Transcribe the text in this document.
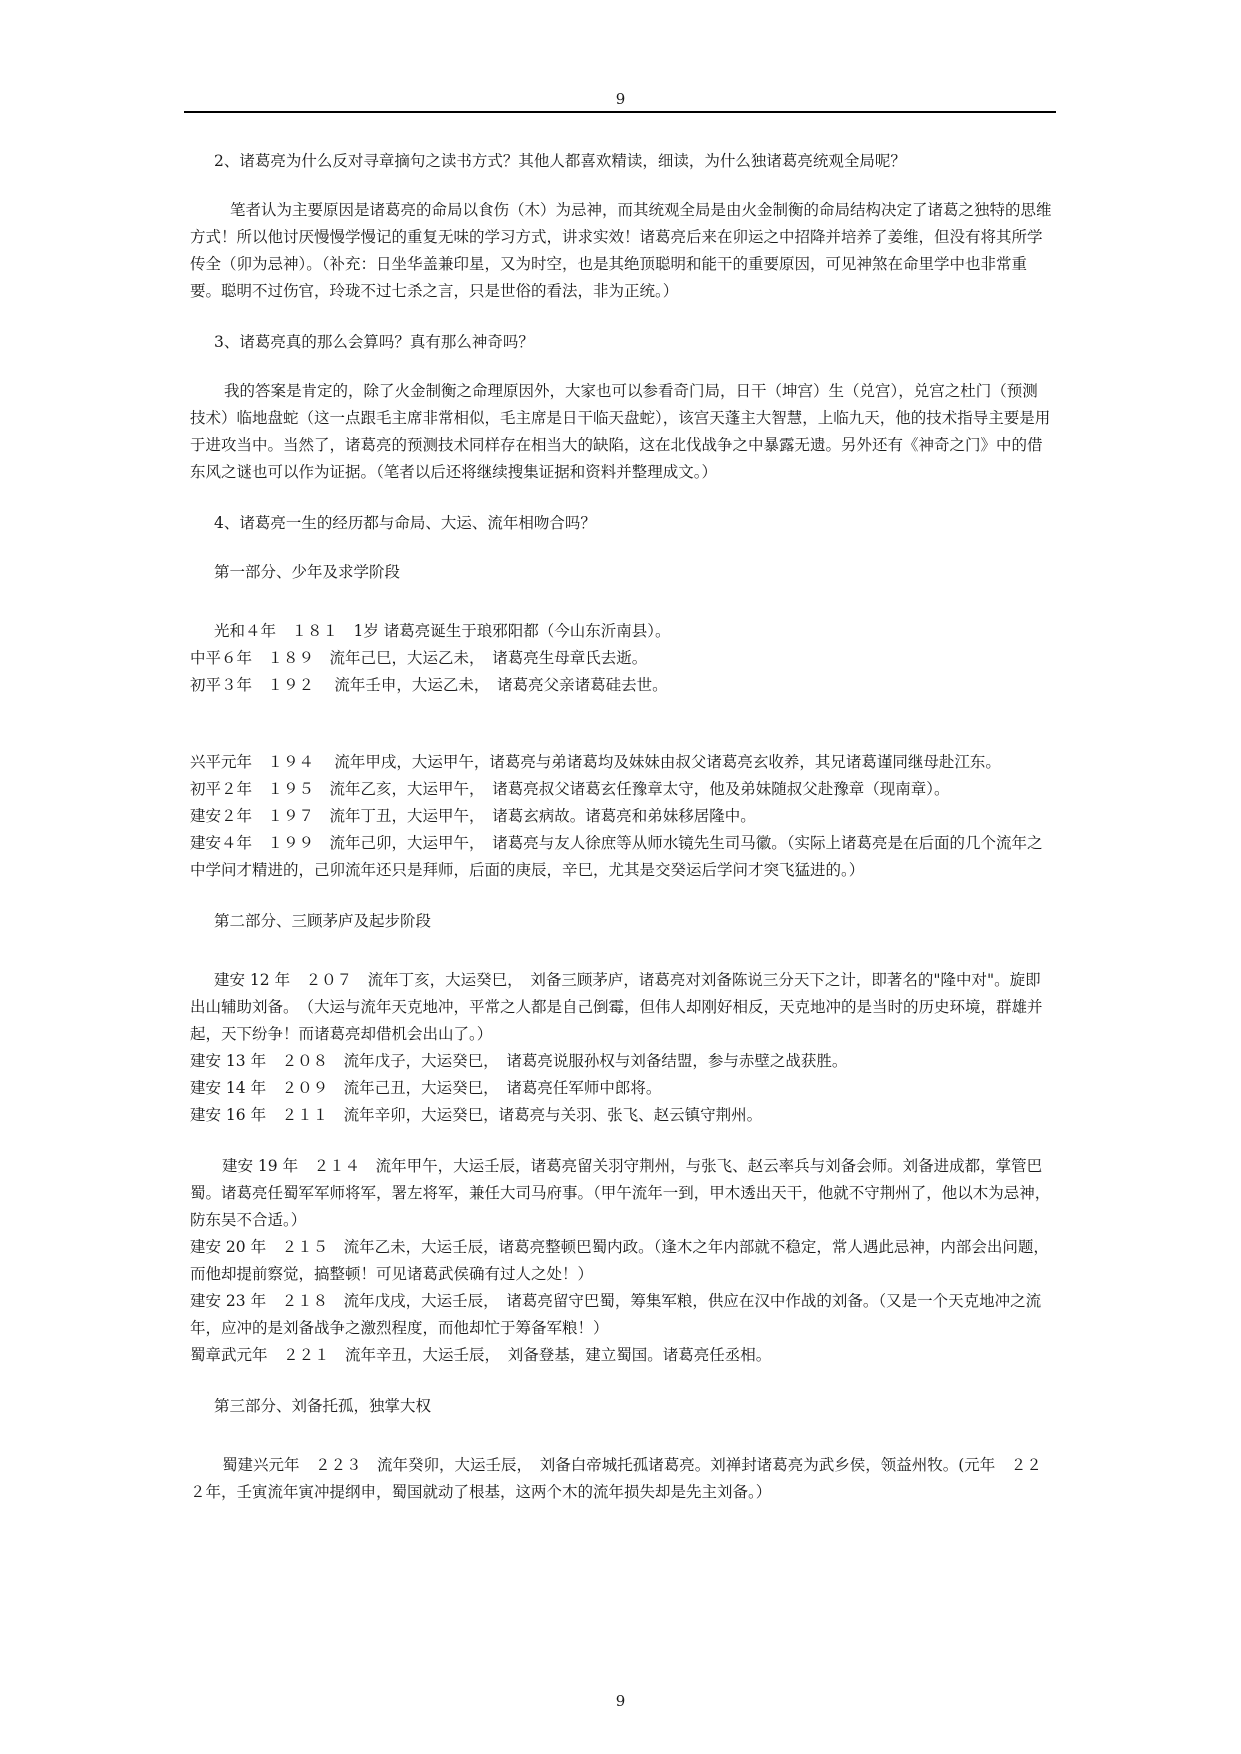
9

2、诸葛亮为什么反对寻章摘句之读书方式？其他人都喜欢精读，细读，为什么独诸葛亮统观全局呢？

笔者认为主要原因是诸葛亮的命局以食伤（木）为忌神，而其统观全局是由火金制衡的命局结构决定了诸葛之独特的思维方式！所以他讨厌慢慢学慢记的重复无味的学习方式，讲求实效！诸葛亮后来在卯运之中招降并培养了姜维，但没有将其所学传全（卯为忌神）。（补充：日坐华盖兼印星，又为时空，也是其绝顶聪明和能干的重要原因，可见神煞在命里学中也非常重要。聪明不过伤官，玲珑不过七杀之言，只是世俗的看法，非为正统。）

3、诸葛亮真的那么会算吗？真有那么神奇吗？

我的答案是肯定的，除了火金制衡之命理原因外，大家也可以参看奇门局，日干（坤宫）生（兑宫），兑宫之杜门（预测技术）临地盘蛇（这一点跟毛主席非常相似，毛主席是日干临天盘蛇），该宫天蓬主大智慧，上临九天，他的技术指导主要是用于进攻当中。当然了，诸葛亮的预测技术同样存在相当大的缺陷，这在北伐战争之中暴露无遗。另外还有《神奇之门》中的借东风之谜也可以作为证据。（笔者以后还将继续搜集证据和资料并整理成文。）

4、诸葛亮一生的经历都与命局、大运、流年相吻合吗？

第一部分、少年及求学阶段

光和４年　１８１　1岁 诸葛亮诞生于琅邪阳都（今山东沂南县）。

中平６年　１８９　流年己巳，大运乙未，　诸葛亮生母章氏去逝。

初平３年　１９２　 流年壬申，大运乙未，　诸葛亮父亲诸葛硅去世。

兴平元年　１９４　 流年甲戌，大运甲午，诸葛亮与弟诸葛均及妹妹由叔父诸葛亮玄收养，其兄诸葛谨同继母赴江东。

初平２年　１９５　流年乙亥，大运甲午，　诸葛亮叔父诸葛玄任豫章太守，他及弟妹随叔父赴豫章（现南章）。

建安２年　１９７　流年丁丑，大运甲午，　诸葛玄病故。诸葛亮和弟妹移居隆中。

建安４年　１９９　流年己卯，大运甲午，　诸葛亮与友人徐庶等从师水镜先生司马徽。（实际上诸葛亮是在后面的几个流年之中学问才精进的，己卯流年还只是拜师，后面的庚辰，辛巳，尤其是交癸运后学问才突飞猛进的。）

第二部分、三顾茅庐及起步阶段

建安 12 年　２０７　流年丁亥，大运癸巳，　刘备三顾茅庐，诸葛亮对刘备陈说三分天下之计，即著名的"隆中对"。旋即出山辅助刘备。　（大运与流年天克地冲，平常之人都是自己倒霉，但伟人却刚好相反，天克地冲的是当时的历史环境，群雄并起，天下纷争！而诸葛亮却借机会出山了。）

建安 13 年　２０８　流年戊子，大运癸巳，　诸葛亮说服孙权与刘备结盟，参与赤壁之战获胜。

建安 14 年　２０９　流年己丑，大运癸巳，　诸葛亮任军师中郎将。

建安 16 年　２１１　流年辛卯，大运癸巳，诸葛亮与关羽、张飞、赵云镇守荆州。

建安 19 年　２１４　流年甲午，大运壬辰，诸葛亮留关羽守荆州，与张飞、赵云率兵与刘备会师。刘备进成都，掌管巴蜀。诸葛亮任蜀军军师将军，署左将军，兼任大司马府事。（甲午流年一到，甲木透出天干，他就不守荆州了，他以木为忌神，防东吴不合适。）

建安 20 年　２１５　流年乙未，大运壬辰，诸葛亮整顿巴蜀内政。（逢木之年内部就不稳定，常人遇此忌神，内部会出问题，而他却提前察觉，搞整顿！可见诸葛武侯确有过人之处！）

建安 23 年　２１８　流年戊戌，大运壬辰，　诸葛亮留守巴蜀，筹集军粮，供应在汉中作战的刘备。（又是一个天克地冲之流年，应冲的是刘备战争之激烈程度，而他却忙于筹备军粮！）

蜀章武元年　２２１　流年辛丑，大运壬辰，　刘备登基，建立蜀国。诸葛亮任丞相。

第三部分、刘备托孤，独掌大权

蜀建兴元年　２２３　流年癸卯，大运壬辰，　刘备白帝城托孤诸葛亮。刘禅封诸葛亮为武乡侯，领益州牧。(元年　２２２年，壬寅流年寅冲提纲申，蜀国就动了根基，这两个木的流年损失却是先主刘备。）

9
